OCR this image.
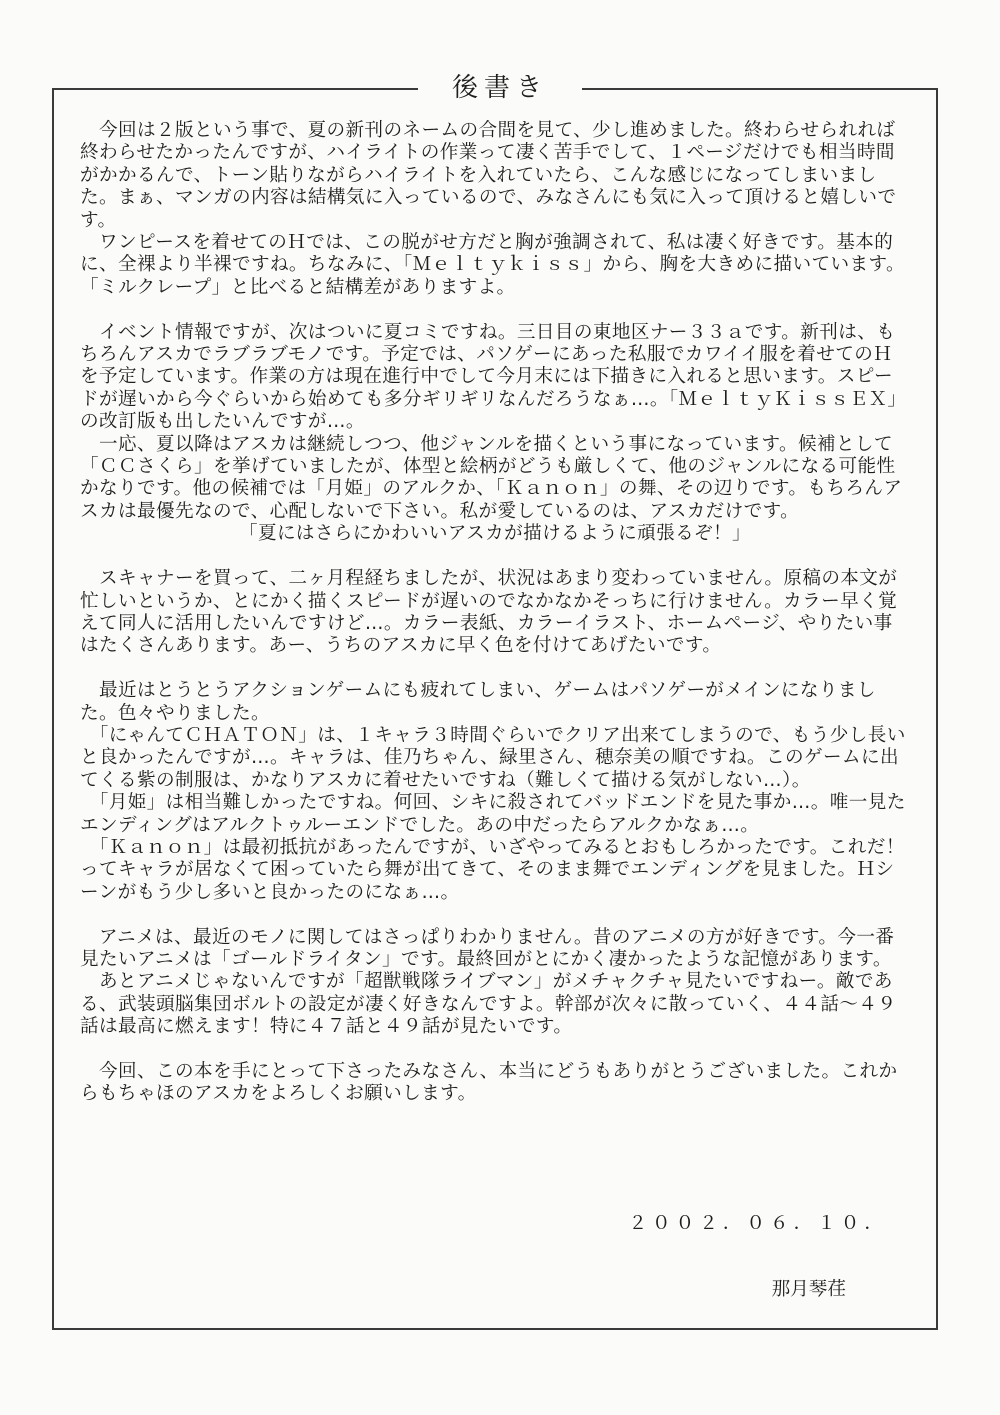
後書き

　今回は２版という事で、夏の新刊のネームの合間を見て、少し進めました。終わらせられれば終わらせたかったんですが、ハイライトの作業って凄く苦手でして、１ページだけでも相当時間がかかるんで、トーン貼りながらハイライトを入れていたら、こんな感じになってしまいました。まぁ、マンガの内容は結構気に入っているので、みなさんにも気に入って頂けると嬉しいです。

　ワンピースを着せてのＨでは、この脱がせ方だと胸が強調されて、私は凄く好きです。基本的に、全裸より半裸ですね。ちなみに、「Ｍｅｌｔｙｋｉｓｓ」から、胸を大きめに描いています。「ミルクレープ」と比べると結構差がありますよ。

　イベント情報ですが、次はついに夏コミですね。三日目の東地区ナー３３ａです。新刊は、もちろんアスカでラブラブモノです。予定では、パソゲーにあった私服でカワイイ服を着せてのＨを予定しています。作業の方は現在進行中でして今月末には下描きに入れると思います。スピードが遅いから今ぐらいから始めても多分ギリギリなんだろうなぁ…。「ＭｅｌｔｙＫｉｓｓＥＸ」の改訂版も出したいんですが…。

　一応、夏以降はアスカは継続しつつ、他ジャンルを描くという事になっています。候補として「ＣＣさくら」を挙げていましたが、体型と絵柄がどうも厳しくて、他のジャンルになる可能性かなりです。他の候補では「月姫」のアルクか、「Ｋａｎｏｎ」の舞、その辺りです。もちろんアスカは最優先なので、心配しないで下さい。私が愛しているのは、アスカだけです。

「夏にはさらにかわいいアスカが描けるように頑張るぞ！」

　スキャナーを買って、二ヶ月程経ちましたが、状況はあまり変わっていません。原稿の本文が忙しいというか、とにかく描くスピードが遅いのでなかなかそっちに行けません。カラー早く覚えて同人に活用したいんですけど…。カラー表紙、カラーイラスト、ホームページ、やりたい事はたくさんあります。あー、うちのアスカに早く色を付けてあげたいです。

　最近はとうとうアクションゲームにも疲れてしまい、ゲームはパソゲーがメインになりました。色々やりました。

　「にゃんてＣＨＡＴＯＮ」は、１キャラ３時間ぐらいでクリア出来てしまうので、もう少し長いと良かったんですが…。キャラは、佳乃ちゃん、緑里さん、穂奈美の順ですね。このゲームに出てくる紫の制服は、かなりアスカに着せたいですね（難しくて描ける気がしない…）。

　「月姫」は相当難しかったですね。何回、シキに殺されてバッドエンドを見た事か…。唯一見たエンディングはアルクトゥルーエンドでした。あの中だったらアルクかなぁ…。

　「Ｋａｎｏｎ」は最初抵抗があったんですが、いざやってみるとおもしろかったです。これだ！ってキャラが居なくて困っていたら舞が出てきて、そのまま舞でエンディングを見ました。Ｈシーンがもう少し多いと良かったのになぁ…。

　アニメは、最近のモノに関してはさっぱりわかりません。昔のアニメの方が好きです。今一番見たいアニメは「ゴールドライタン」です。最終回がとにかく凄かったような記憶があります。

　あとアニメじゃないんですが「超獣戦隊ライブマン」がメチャクチャ見たいですねー。敵である、武装頭脳集団ボルトの設定が凄く好きなんですよ。幹部が次々に散っていく、４４話～４９話は最高に燃えます！特に４７話と４９話が見たいです。

　今回、この本を手にとって下さったみなさん、本当にどうもありがとうございました。これからもちゃほのアスカをよろしくお願いします。

２００２．０６．１０．
那月琴荏
